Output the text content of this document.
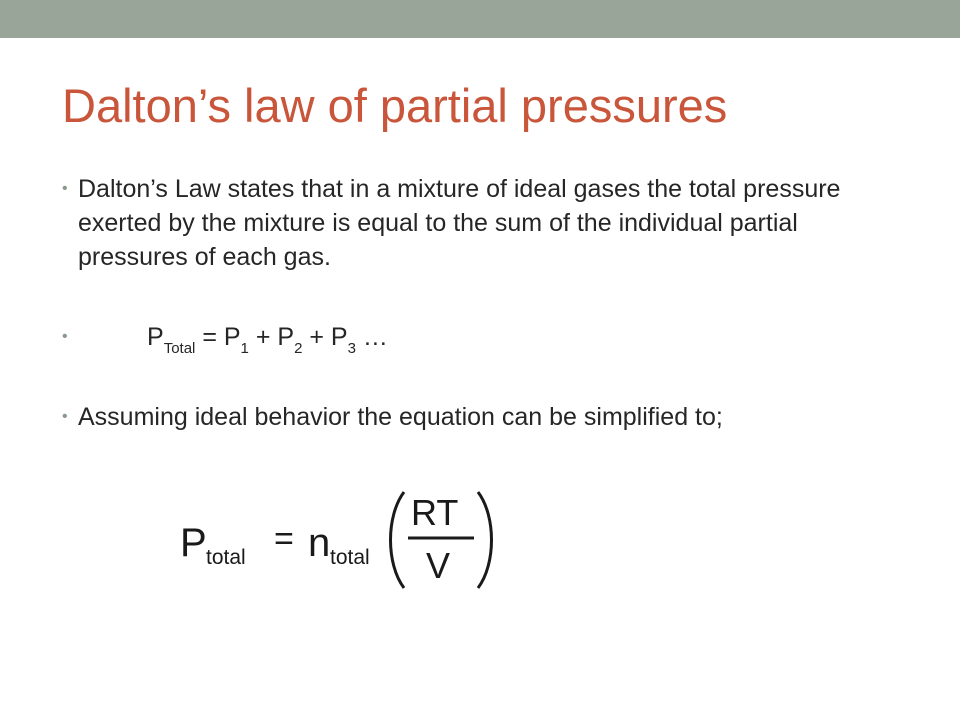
Dalton’s law of partial pressures
• Dalton’s Law states that in a mixture of ideal gases the total pressure exerted by the mixture is equal to the sum of the individual partial pressures of each gas.
•	$P_{Total} = P_1 + P_2 + P_3$ …
• Assuming ideal behavior the equation can be simplified to;
P total = n total
RT
V
